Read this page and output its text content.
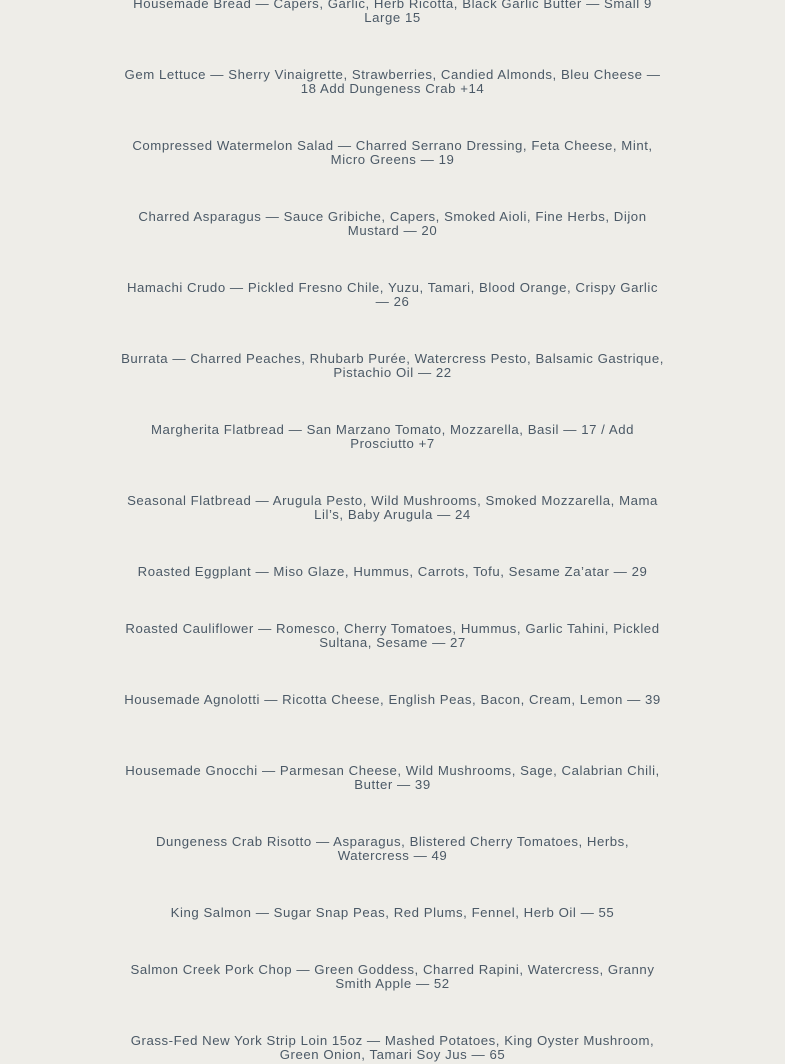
Housemade Bread — Capers, Garlic, Herb Ricotta, Black Garlic Butter — Small 9 Large 15
Gem Lettuce — Sherry Vinaigrette, Strawberries, Candied Almonds, Bleu Cheese — 18 Add Dungeness Crab +14
Compressed Watermelon Salad — Charred Serrano Dressing, Feta Cheese, Mint, Micro Greens — 19
Charred Asparagus — Sauce Gribiche, Capers, Smoked Aioli, Fine Herbs, Dijon Mustard — 20
Hamachi Crudo — Pickled Fresno Chile, Yuzu, Tamari, Blood Orange, Crispy Garlic — 26
Burrata — Charred Peaches, Rhubarb Purée, Watercress Pesto, Balsamic Gastrique, Pistachio Oil — 22
Margherita Flatbread — San Marzano Tomato, Mozzarella, Basil — 17 / Add Prosciutto +7
Seasonal Flatbread — Arugula Pesto, Wild Mushrooms, Smoked Mozzarella, Mama Lil’s, Baby Arugula — 24
Roasted Eggplant — Miso Glaze, Hummus, Carrots, Tofu, Sesame Za’atar — 29
Roasted Cauliflower — Romesco, Cherry Tomatoes, Hummus, Garlic Tahini, Pickled Sultana, Sesame — 27
Housemade Agnolotti — Ricotta Cheese, English Peas, Bacon, Cream, Lemon — 39
Housemade Gnocchi — Parmesan Cheese, Wild Mushrooms, Sage, Calabrian Chili, Butter — 39
Dungeness Crab Risotto — Asparagus, Blistered Cherry Tomatoes, Herbs, Watercress — 49
King Salmon — Sugar Snap Peas, Red Plums, Fennel, Herb Oil — 55
Salmon Creek Pork Chop — Green Goddess, Charred Rapini, Watercress, Granny Smith Apple — 52
Grass-Fed New York Strip Loin 15oz — Mashed Potatoes, King Oyster Mushroom, Green Onion, Tamari Soy Jus — 65
